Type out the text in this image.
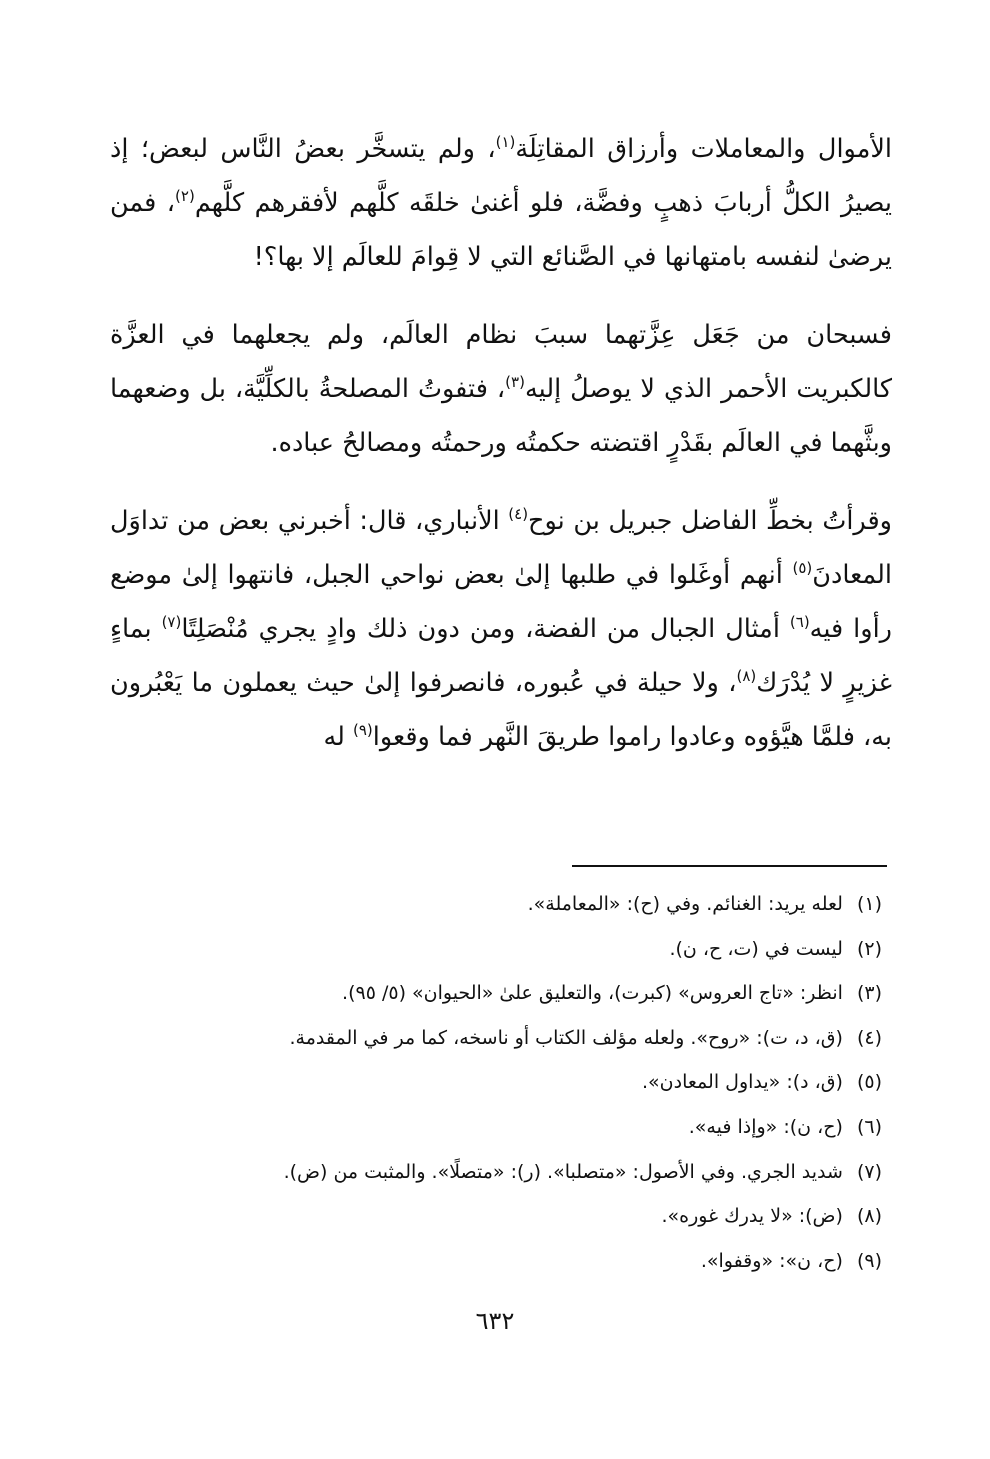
الأموال والمعاملات وأرزاق المقاتِلَة$^{(١)}$، ولم يتسخَّر بعضُ النَّاس لبعض؛ إذ يصيرُ الكلُّ أربابَ ذهبٍ وفضَّة، فلو أغنىٰ خلقَه كلَّهم لأفقرهم كلَّهم$^{(٢)}$، فمن يرضىٰ لنفسه بامتهانها في الصَّنائع التي لا قِوامَ للعالَم إلا بها؟!

فسبحان من جَعَل عِزَّتهما سببَ نظام العالَم، ولم يجعلهما في العزَّة كالكبريت الأحمر الذي لا يوصلُ إليه$^{(٣)}$، فتفوتُ المصلحةُ بالكلِّيَّة، بل وضعهما وبثَّهما في العالَم بقَدْرٍ اقتضته حكمتُه ورحمتُه ومصالحُ عباده.

وقرأتُ بخطِّ الفاضل جبريل بن نوح$^{(٤)}$ الأنباري، قال: أخبرني بعض من تداوَل المعادنَ$^{(٥)}$ أنهم أوغَلوا في طلبها إلىٰ بعض نواحي الجبل، فانتهوا إلىٰ موضع رأوا فيه$^{(٦)}$ أمثال الجبال من الفضة، ومن دون ذلك وادٍ يجري مُنْصَلِتًا$^{(٧)}$ بماءٍ غزيرٍ لا يُدْرَك$^{(٨)}$، ولا حيلة في عُبوره، فانصرفوا إلىٰ حيث يعملون ما يَعْبُرون به، فلمَّا هيَّؤوه وعادوا راموا طريقَ النَّهر فما وقعوا$^{(٩)}$ له

(١)لعله يريد: الغنائم. وفي (ح): «المعاملة».
(٢)ليست في (ت، ح، ن).
(٣)انظر: «تاج العروس» (كبرت)، والتعليق علىٰ «الحيوان» (٥/ ٩٥).
(٤)(ق، د، ت): «روح». ولعله مؤلف الكتاب أو ناسخه، كما مر في المقدمة.
(٥)(ق، د): «يداول المعادن».
(٦)(ح، ن): «وإذا فيه».
(٧)شديد الجري. وفي الأصول: «متصلبا». (ر): «متصلًا». والمثبت من (ض).
(٨)(ض): «لا يدرك غوره».
(٩)(ح، ن»: «وقفوا».
٦٣٢
